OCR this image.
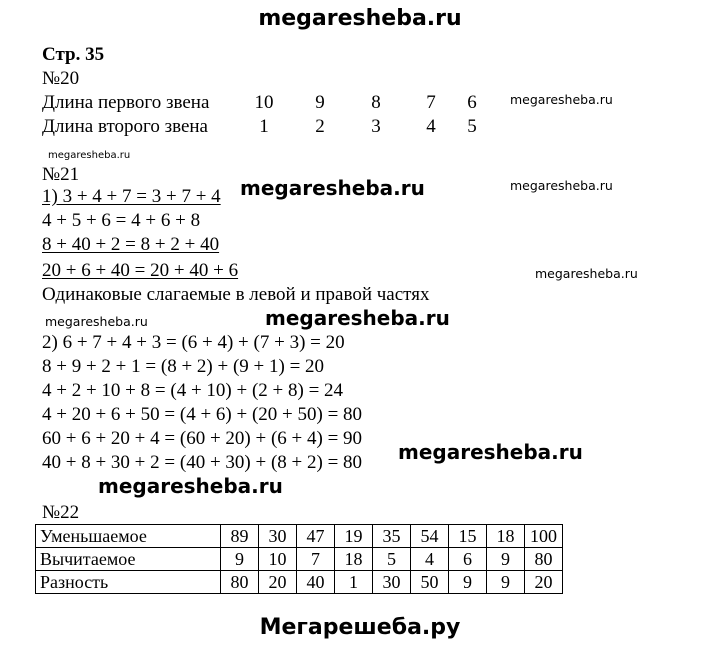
megaresheba.ru
Стр. 35
№20
Длина первого звена 10	9	8	7	6
Длина второго звена	1	2	3	4	5
megaresheba.ru
megaresheba.ru
№21
1) 3 + 4 + 7 = 3 + 7 + 4
4 + 5 + 6 = 4 + 6 + 8
8 + 40 + 2 = 8 + 2 + 40
20 + 6 + 40 = 20 + 40 + 6
Одинаковые слагаемые в левой и правой частях
megaresheba.ru	megaresheba.ru
megaresheba.ru
megaresheba.ru	megaresheba.ru
2) 6 + 7 + 4 + 3 = (6 + 4) + (7 + 3) = 20
8 + 9 + 2 + 1 = (8 + 2) + (9 + 1) = 20
4 + 2 + 10 + 8 = (4 + 10) + (2 + 8) = 24
4 + 20 + 6 + 50 = (4 + 6) + (20 + 50) = 80
60 + 6 + 20 + 4 = (60 + 20) + (6 + 4) = 90
40 + 8 + 30 + 2 = (40 + 30) + (8 + 2) = 80 megaresheba.ru
megaresheba.ru
№22
Уменьшаемое	89	30	47	19	35	54	15	18	100
Вычитаемое	9	10	7	18	5	4	6	9	80
Разность	80	20	40	1	30	50	9	9	20
Мегарешеба.ру
